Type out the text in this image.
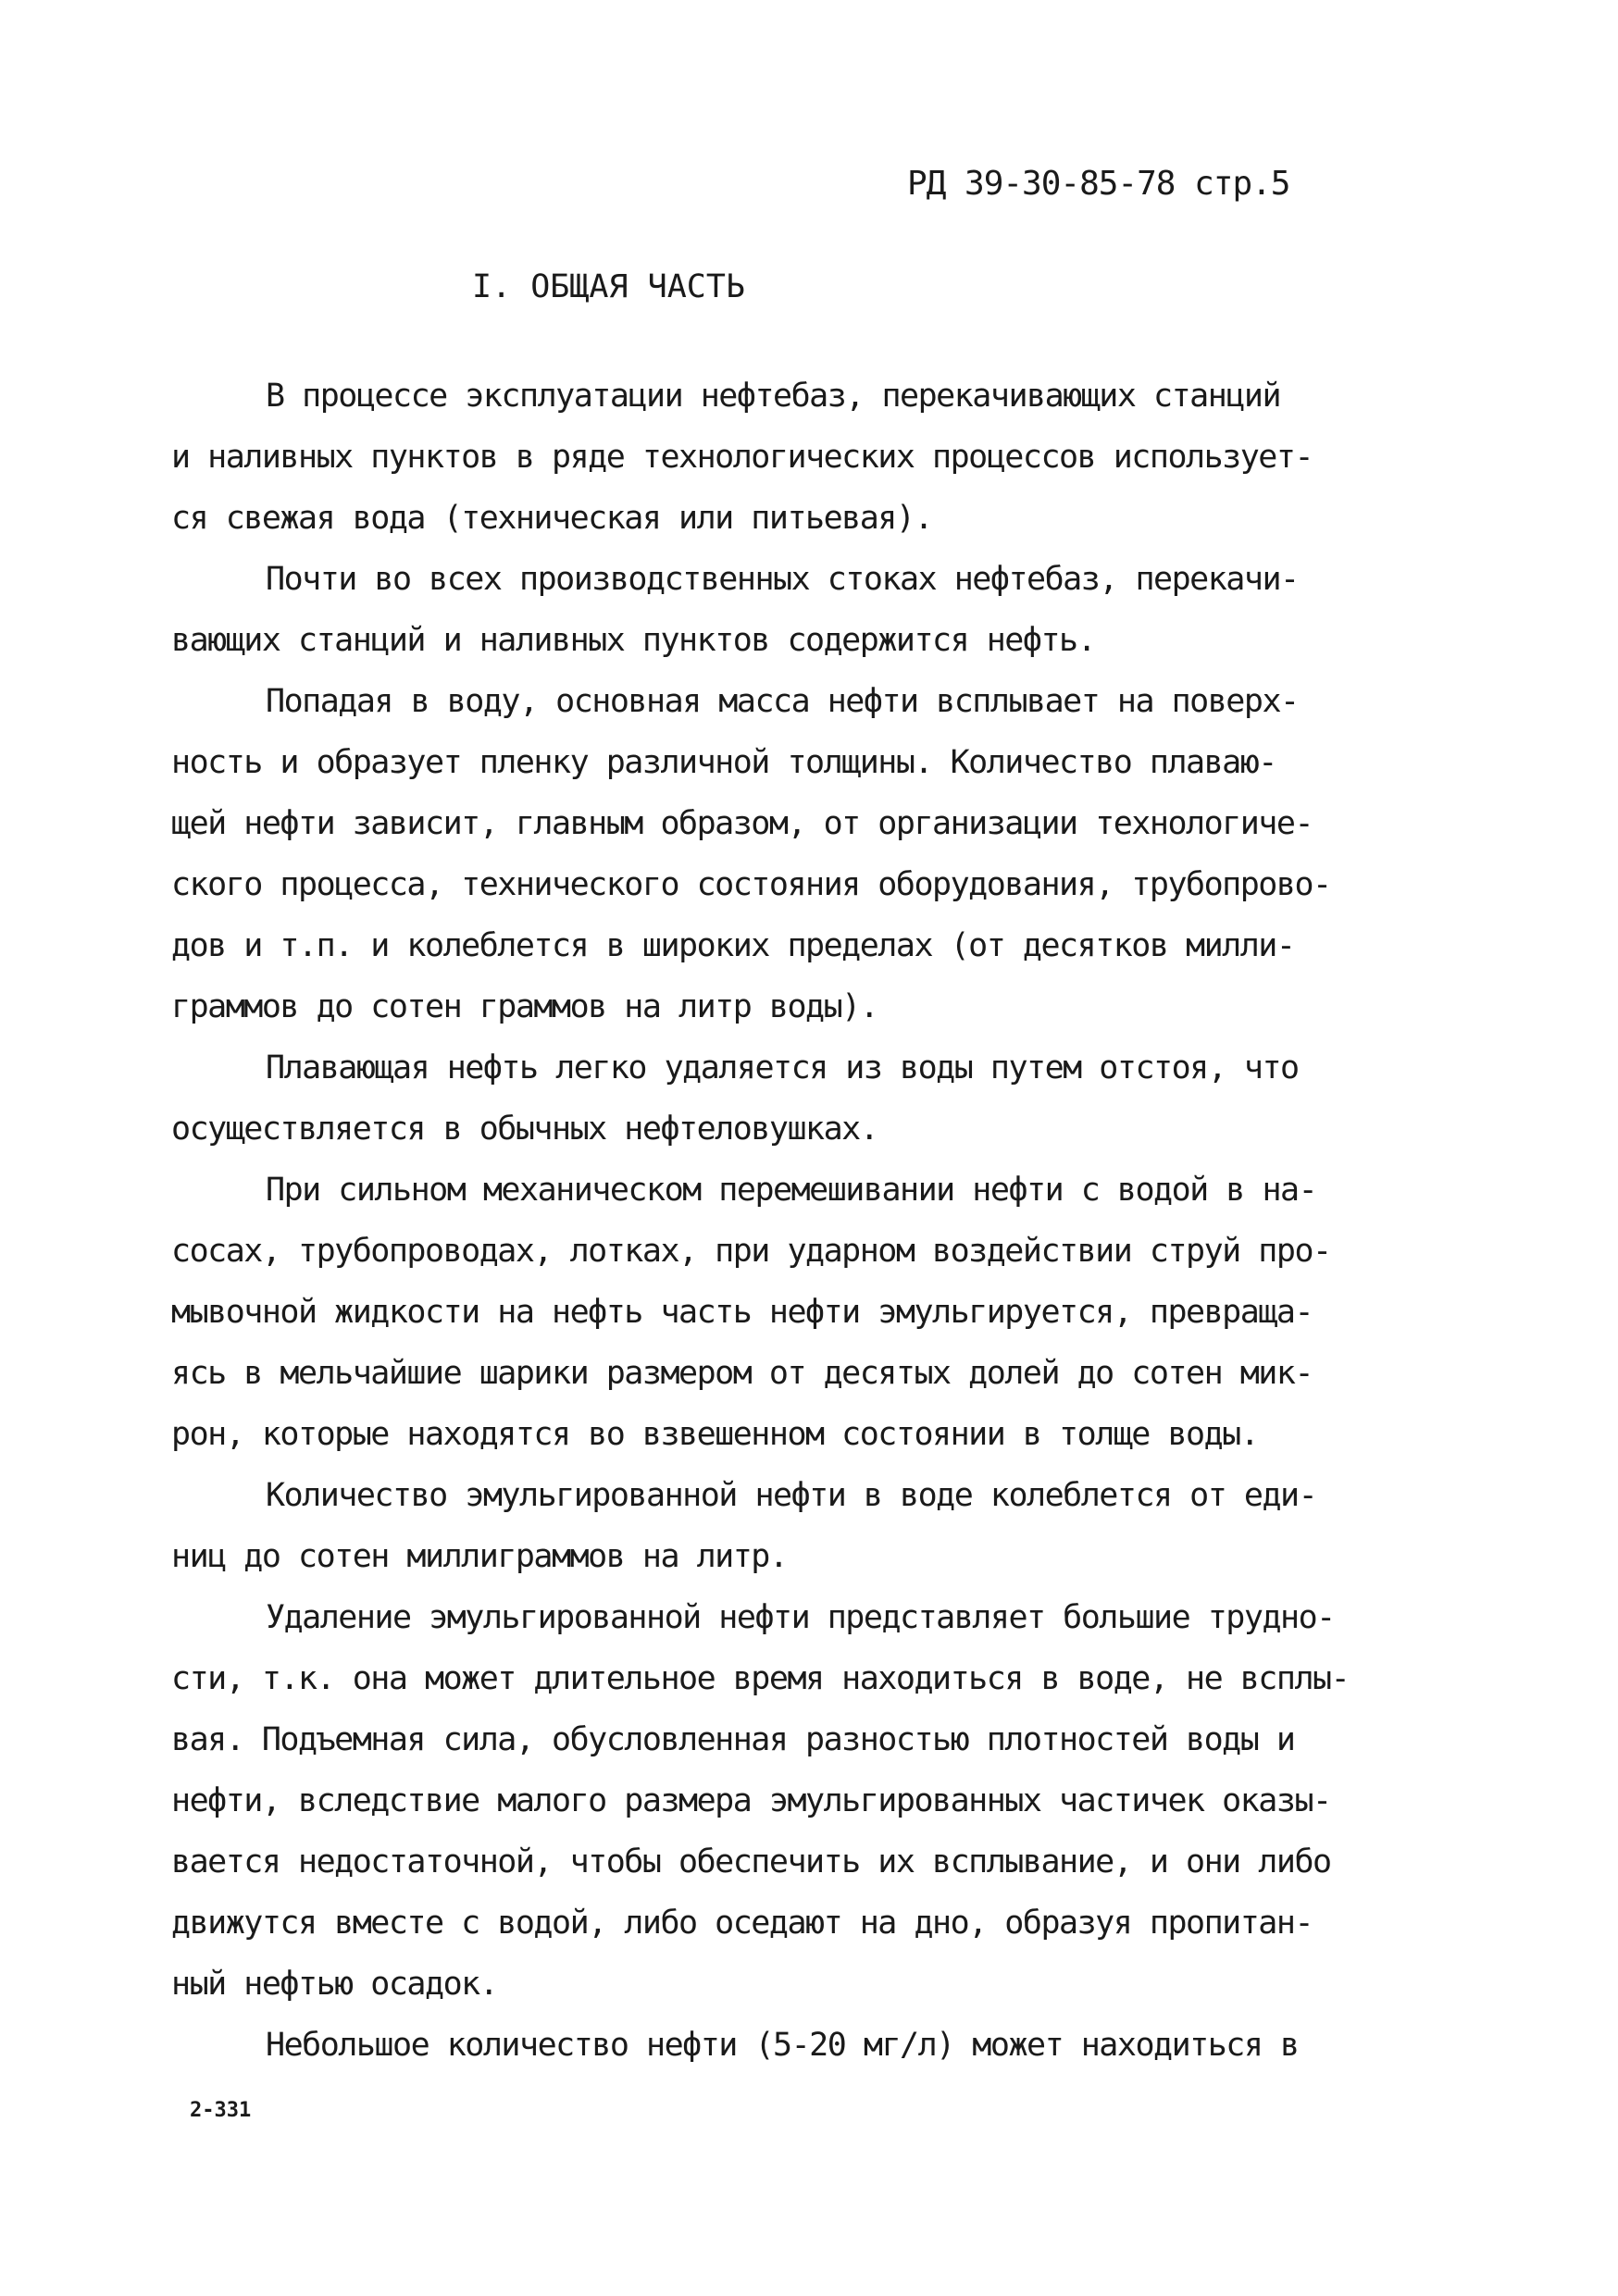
РД 39-30-85-78 стр.5
I. ОБЩАЯ ЧАСТЬ
В процессе эксплуатации нефтебаз, перекачивающих станций
и наливных пунктов в ряде технологических процессов использует-
ся свежая вода (техническая или питьевая).
Почти во всех производственных стоках нефтебаз, перекачи-
вающих станций и наливных пунктов содержится нефть.
Попадая в воду, основная масса нефти всплывает на поверх-
ность и образует пленку различной толщины. Количество плаваю-
щей нефти зависит, главным образом, от организации технологиче-
ского процесса, технического состояния оборудования, трубопрово-
дов и т.п. и колеблется в широких пределах (от десятков милли-
граммов до сотен граммов на литр воды).
Плавающая нефть легко удаляется из воды путем отстоя, что
осуществляется в обычных нефтеловушках.
При сильном механическом перемешивании нефти с водой в на-
сосах, трубопроводах, лотках, при ударном воздействии струй про-
мывочной жидкости на нефть часть нефти эмульгируется, превраща-
ясь в мельчайшие шарики размером от десятых долей до сотен мик-
рон, которые находятся во взвешенном состоянии в толще воды.
Количество эмульгированной нефти в воде колеблется от еди-
ниц до сотен миллиграммов на литр.
Удаление эмульгированной нефти представляет большие трудно-
сти, т.к. она может длительное время находиться в воде, не всплы-
вая. Подъемная сила, обусловленная разностью плотностей воды и
нефти, вследствие малого размера эмульгированных частичек оказы-
вается недостаточной, чтобы обеспечить их всплывание, и они либо
движутся вместе с водой, либо оседают на дно, образуя пропитан-
ный нефтью осадок.
Небольшое количество нефти (5-20 мг/л) может находиться в
2-331
